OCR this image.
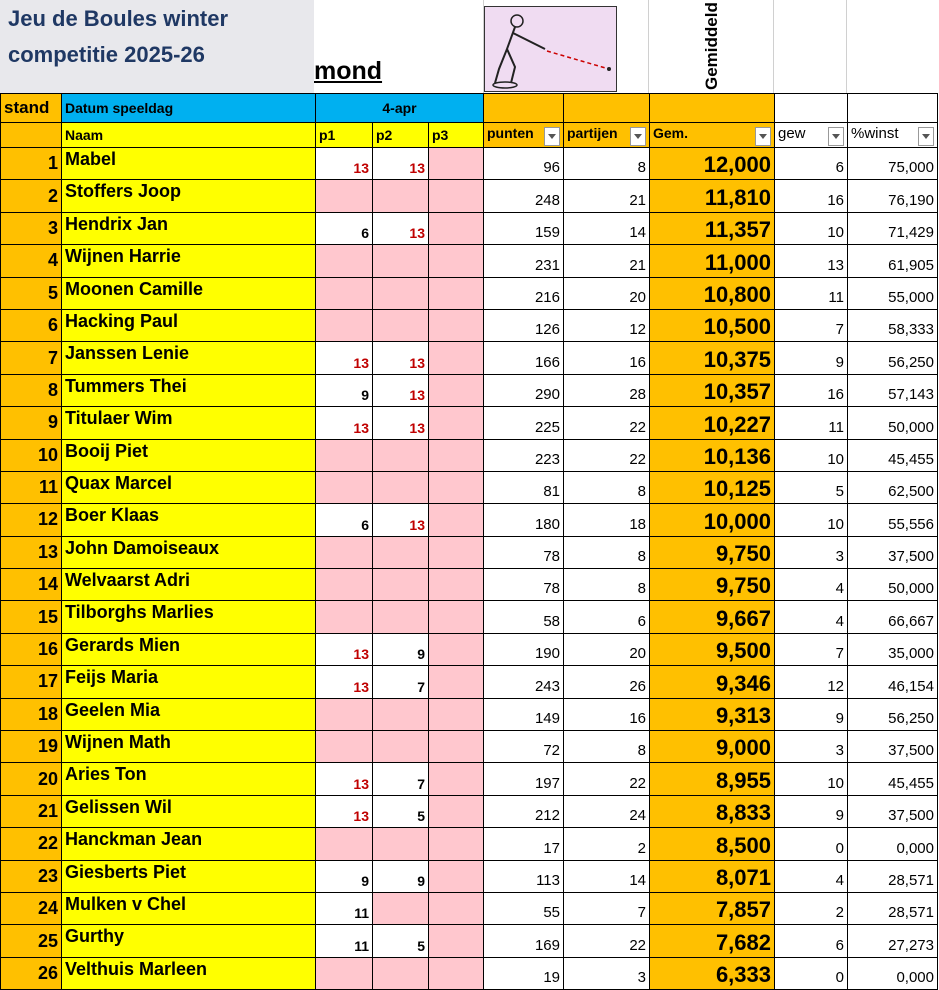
Jeu de Boules winter
competitie 2025-26
mond	Gemiddeld
stand	Datum speeldag	4-apr							
	Naam	p1	p2	p3	punten	partijen	Gem.	gew	%winst

1	Mabel	13	13		96	8	12,000	6	75,000
2	Stoffers Joop				248	21	11,810	16	76,190
3	Hendrix Jan	6	13		159	14	11,357	10	71,429
4	Wijnen Harrie				231	21	11,000	13	61,905
5	Moonen Camille				216	20	10,800	11	55,000
6	Hacking Paul				126	12	10,500	7	58,333
7	Janssen Lenie	13	13		166	16	10,375	9	56,250
8	Tummers Thei	9	13		290	28	10,357	16	57,143
9	Titulaer Wim	13	13		225	22	10,227	11	50,000
10	Booij Piet				223	22	10,136	10	45,455
11	Quax Marcel				81	8	10,125	5	62,500
12	Boer Klaas	6	13		180	18	10,000	10	55,556
13	John Damoiseaux				78	8	9,750	3	37,500
14	Welvaarst Adri				78	8	9,750	4	50,000
15	Tilborghs Marlies				58	6	9,667	4	66,667
16	Gerards Mien	13	9		190	20	9,500	7	35,000
17	Feijs Maria	13	7		243	26	9,346	12	46,154
18	Geelen Mia				149	16	9,313	9	56,250
19	Wijnen Math				72	8	9,000	3	37,500
20	Aries Ton	13	7		197	22	8,955	10	45,455
21	Gelissen Wil	13	5		212	24	8,833	9	37,500
22	Hanckman Jean				17	2	8,500	0	0,000
23	Giesberts Piet	9	9		113	14	8,071	4	28,571
24	Mulken v Chel	11			55	7	7,857	2	28,571
25	Gurthy	11	5		169	22	7,682	6	27,273
26	Velthuis Marleen				19	3	6,333	0	0,000
